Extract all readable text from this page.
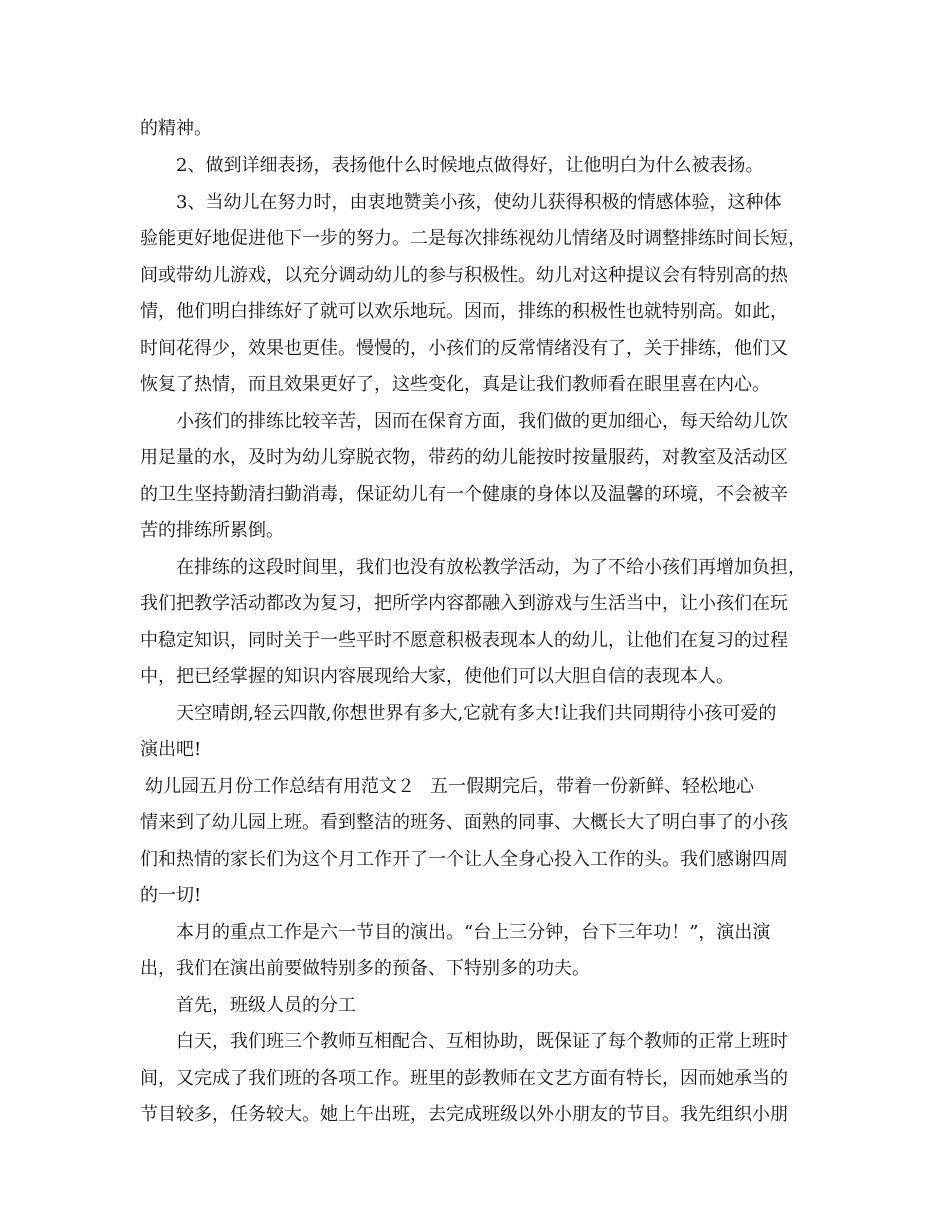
的精神。
2、做到详细表扬，表扬他什么时候地点做得好，让他明白为什么被表扬。
3、当幼儿在努力时，由衷地赞美小孩，使幼儿获得积极的情感体验，这种体
验能更好地促进他下一步的努力。二是每次排练视幼儿情绪及时调整排练时间长短，
间或带幼儿游戏，以充分调动幼儿的参与积极性。幼儿对这种提议会有特别高的热
情，他们明白排练好了就可以欢乐地玩。因而，排练的积极性也就特别高。如此，
时间花得少，效果也更佳。慢慢的，小孩们的反常情绪没有了，关于排练，他们又
恢复了热情，而且效果更好了，这些变化，真是让我们教师看在眼里喜在内心。
小孩们的排练比较辛苦，因而在保育方面，我们做的更加细心，每天给幼儿饮
用足量的水，及时为幼儿穿脱衣物，带药的幼儿能按时按量服药，对教室及活动区
的卫生坚持勤清扫勤消毒，保证幼儿有一个健康的身体以及温馨的环境，不会被辛
苦的排练所累倒。
在排练的这段时间里，我们也没有放松教学活动，为了不给小孩们再增加负担，
我们把教学活动都改为复习，把所学内容都融入到游戏与生活当中，让小孩们在玩
中稳定知识，同时关于一些平时不愿意积极表现本人的幼儿，让他们在复习的过程
中，把已经掌握的知识内容展现给大家，使他们可以大胆自信的表现本人。
天空晴朗,轻云四散,你想世界有多大,它就有多大!让我们共同期待小孩可爱的
演出吧!
幼儿园五月份工作总结有用范文２ 五一假期完后，带着一份新鲜、轻松地心
情来到了幼儿园上班。看到整洁的班务、面熟的同事、大概长大了明白事了的小孩
们和热情的家长们为这个月工作开了一个让人全身心投入工作的头。我们感谢四周
的一切!
本月的重点工作是六一节目的演出。“台上三分钟，台下三年功！”，演出演
出，我们在演出前要做特别多的预备、下特别多的功夫。
首先，班级人员的分工
白天，我们班三个教师互相配合、互相协助，既保证了每个教师的正常上班时
间，又完成了我们班的各项工作。班里的彭教师在文艺方面有特长，因而她承当的
节目较多，任务较大。她上午出班，去完成班级以外小朋友的节目。我先组织小朋
